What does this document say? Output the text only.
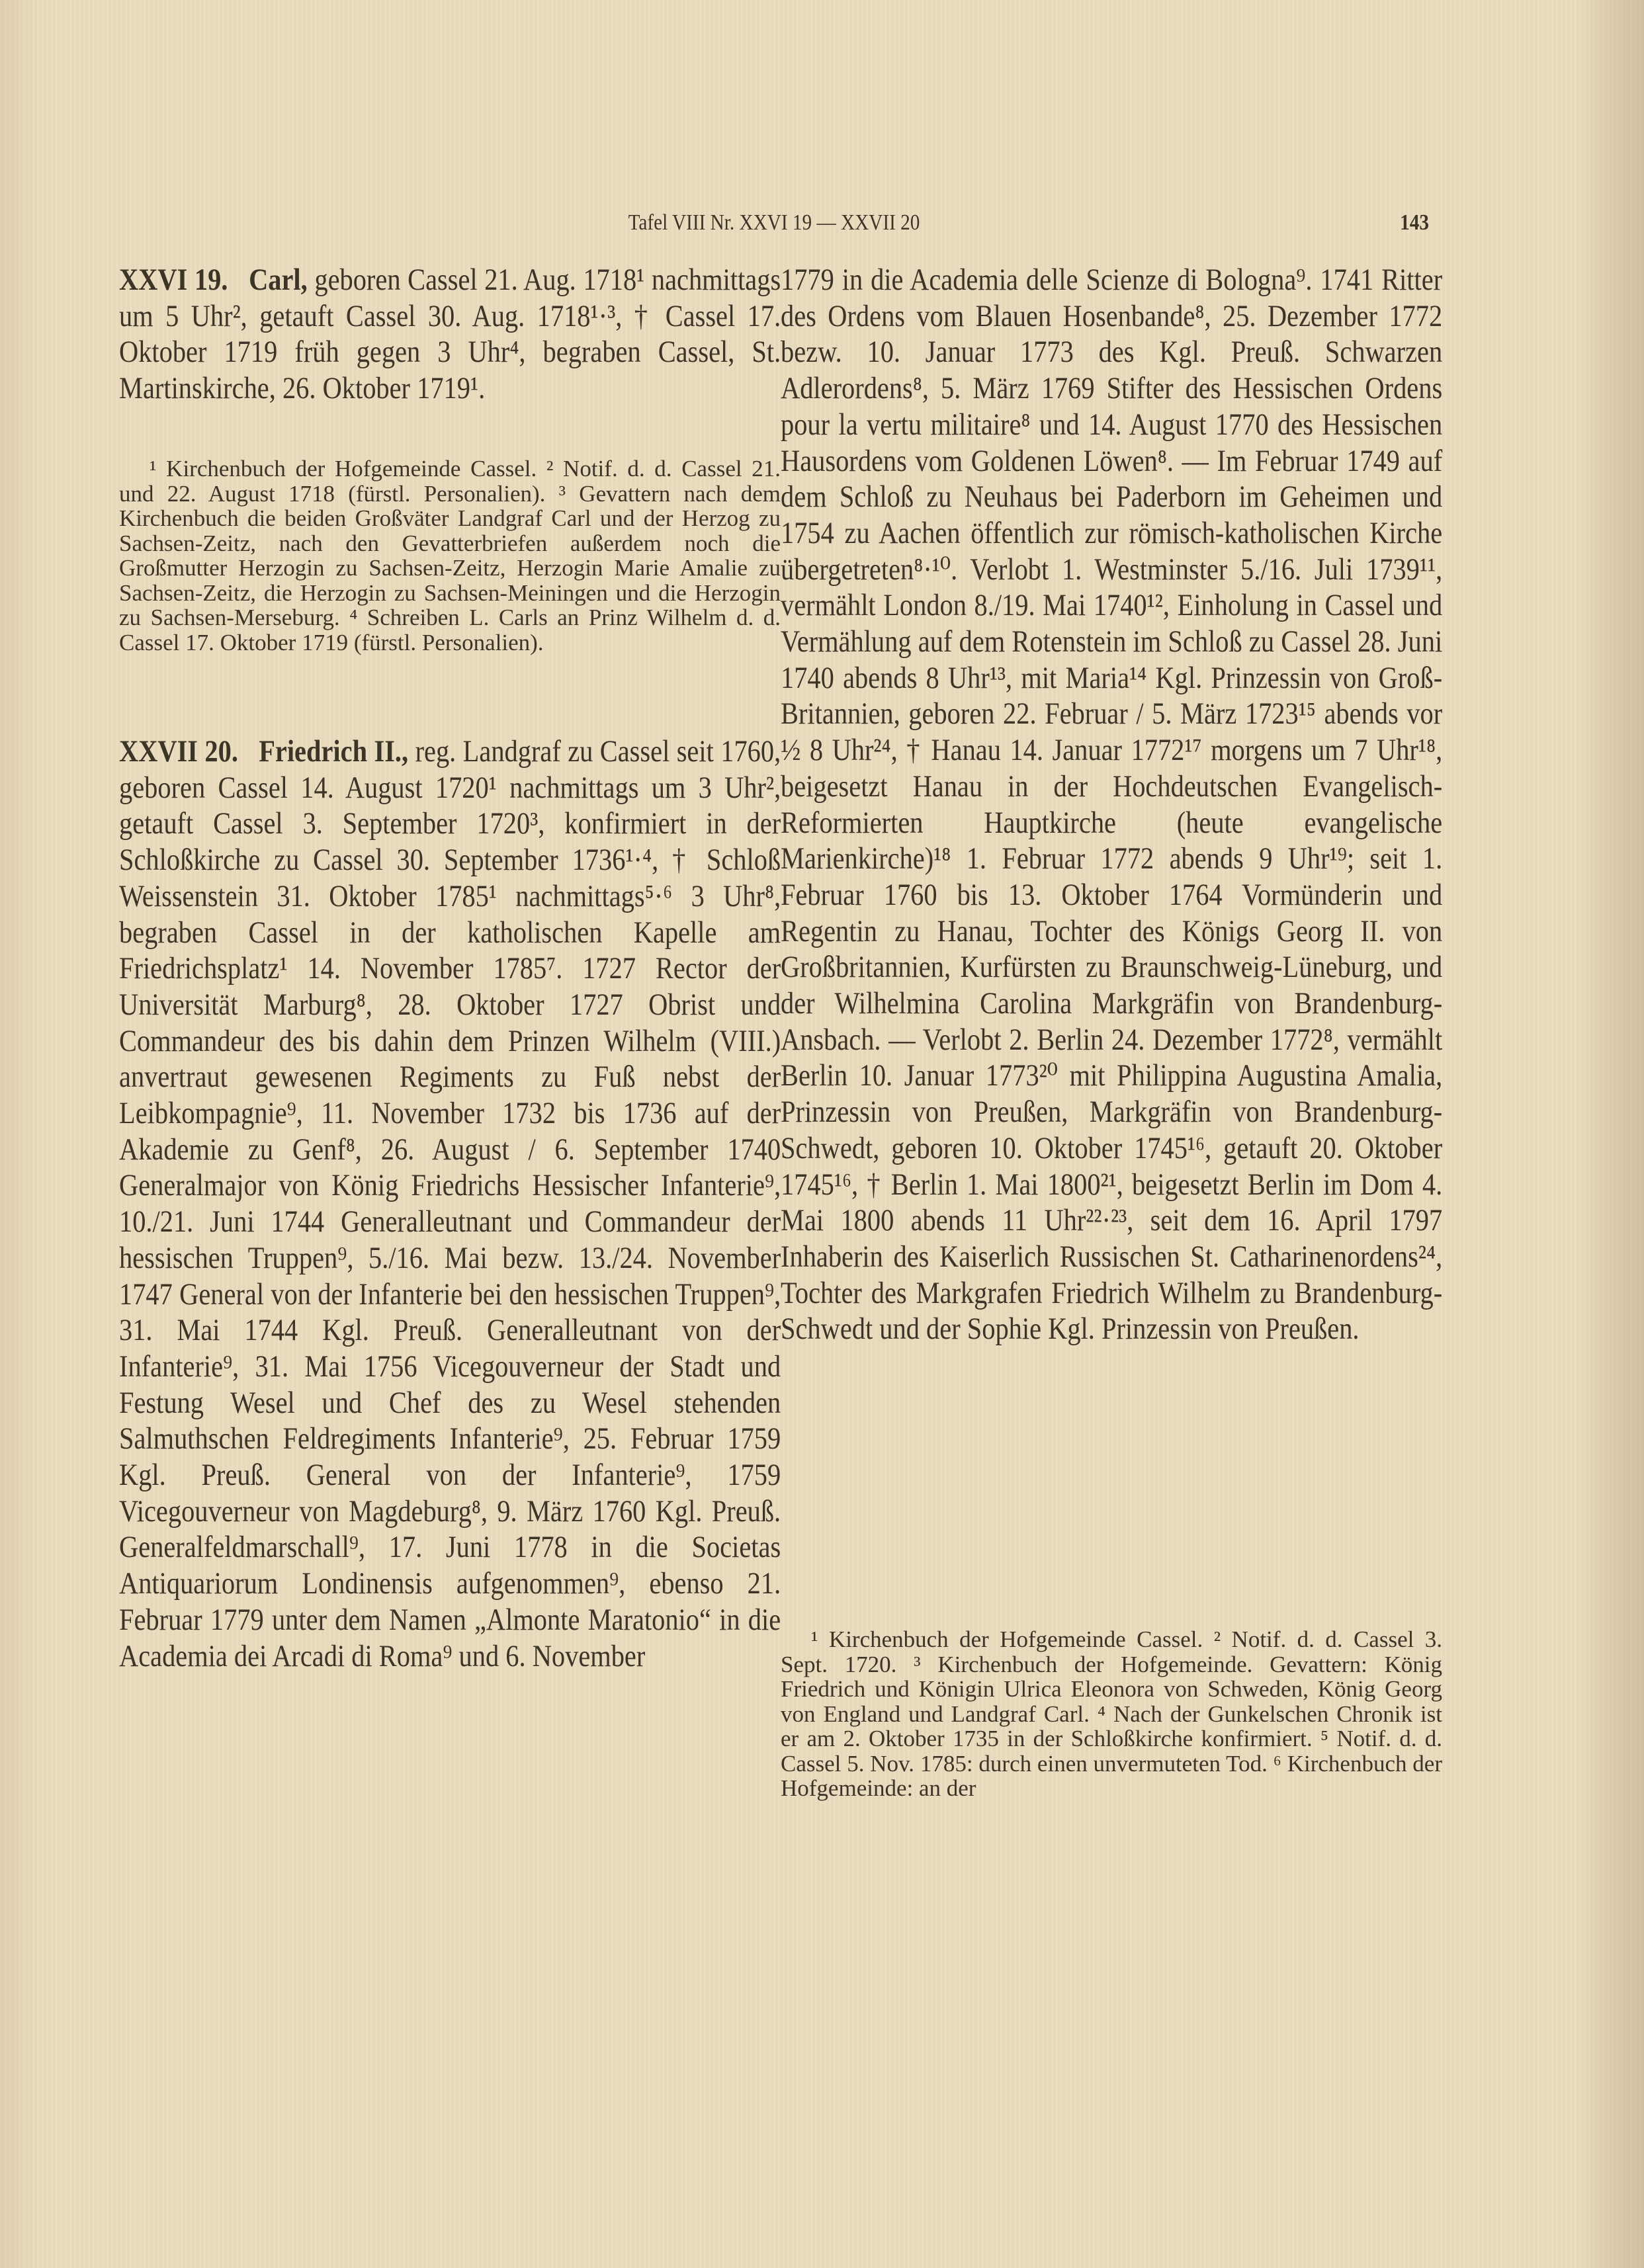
Tafel VIII Nr. XXVI 19 — XXVII 20	143

XXVI 19. Carl, geboren Cassel 21. Aug. 1718¹ nachmittags um 5 Uhr², getauft Cassel 30. Aug. 1718¹·³, † Cassel 17. Oktober 1719 früh gegen 3 Uhr⁴, begraben Cassel, St. Martinskirche, 26. Oktober 1719¹.

¹ Kirchenbuch der Hofgemeinde Cassel. ² Notif. d. d. Cassel 21. und 22. August 1718 (fürstl. Personalien). ³ Gevattern nach dem Kirchenbuch die beiden Großväter Landgraf Carl und der Herzog zu Sachsen-Zeitz, nach den Gevatterbriefen außerdem noch die Großmutter Herzogin zu Sachsen-Zeitz, Herzogin Marie Amalie zu Sachsen-Zeitz, die Herzogin zu Sachsen-Meiningen und die Herzogin zu Sachsen-Merseburg. ⁴ Schreiben L. Carls an Prinz Wilhelm d. d. Cassel 17. Oktober 1719 (fürstl. Personalien).

XXVII 20. Friedrich II., reg. Landgraf zu Cassel seit 1760, geboren Cassel 14. August 1720¹ nachmittags um 3 Uhr², getauft Cassel 3. September 1720³, konfirmiert in der Schloßkirche zu Cassel 30. September 1736¹·⁴, † Schloß Weissenstein 31. Oktober 1785¹ nachmittags⁵·⁶ 3 Uhr⁸, begraben Cassel in der katholischen Kapelle am Friedrichsplatz¹ 14. November 1785⁷. 1727 Rector der Universität Marburg⁸, 28. Oktober 1727 Obrist und Commandeur des bis dahin dem Prinzen Wilhelm (VIII.) anvertraut gewesenen Regiments zu Fuß nebst der Leibkompagnie⁹, 11. November 1732 bis 1736 auf der Akademie zu Genf⁸, 26. August / 6. September 1740 Generalmajor von König Friedrichs Hessischer Infanterie⁹, 10./21. Juni 1744 Generalleutnant und Commandeur der hessischen Truppen⁹, 5./16. Mai bezw. 13./24. November 1747 General von der Infanterie bei den hessischen Truppen⁹, 31. Mai 1744 Kgl. Preuß. Generalleutnant von der Infanterie⁹, 31. Mai 1756 Vicegouverneur der Stadt und Festung Wesel und Chef des zu Wesel stehenden Salmuthschen Feldregiments Infanterie⁹, 25. Februar 1759 Kgl. Preuß. General von der Infanterie⁹, 1759 Vicegouverneur von Magdeburg⁸, 9. März 1760 Kgl. Preuß. Generalfeldmarschall⁹, 17. Juni 1778 in die Societas Antiquariorum Londinensis aufgenommen⁹, ebenso 21. Februar 1779 unter dem Namen „Almonte Maratonio“ in die Academia dei Arcadi di Roma⁹ und 6. November

1779 in die Academia delle Scienze di Bologna⁹. 1741 Ritter des Ordens vom Blauen Hosenbande⁸, 25. Dezember 1772 bezw. 10. Januar 1773 des Kgl. Preuß. Schwarzen Adlerordens⁸, 5. März 1769 Stifter des Hessischen Ordens pour la vertu militaire⁸ und 14. August 1770 des Hessischen Hausordens vom Goldenen Löwen⁸. — Im Februar 1749 auf dem Schloß zu Neuhaus bei Paderborn im Geheimen und 1754 zu Aachen öffentlich zur römisch-katholischen Kirche übergetreten⁸·¹⁰. Verlobt 1. Westminster 5./16. Juli 1739¹¹, vermählt London 8./19. Mai 1740¹², Einholung in Cassel und Vermählung auf dem Rotenstein im Schloß zu Cassel 28. Juni 1740 abends 8 Uhr¹³, mit Maria¹⁴ Kgl. Prinzessin von Groß-Britannien, geboren 22. Februar / 5. März 1723¹⁵ abends vor ½ 8 Uhr²⁴, † Hanau 14. Januar 1772¹⁷ morgens um 7 Uhr¹⁸, beigesetzt Hanau in der Hochdeutschen Evangelisch-Reformierten Hauptkirche (heute evangelische Marienkirche)¹⁸ 1. Februar 1772 abends 9 Uhr¹⁹; seit 1. Februar 1760 bis 13. Oktober 1764 Vormünderin und Regentin zu Hanau, Tochter des Königs Georg II. von Großbritannien, Kurfürsten zu Braunschweig-Lüneburg, und der Wilhelmina Carolina Markgräfin von Brandenburg-Ansbach. — Verlobt 2. Berlin 24. Dezember 1772⁸, vermählt Berlin 10. Januar 1773²⁰ mit Philippina Augustina Amalia, Prinzessin von Preußen, Markgräfin von Brandenburg-Schwedt, geboren 10. Oktober 1745¹⁶, getauft 20. Oktober 1745¹⁶, † Berlin 1. Mai 1800²¹, beigesetzt Berlin im Dom 4. Mai 1800 abends 11 Uhr²²·²³, seit dem 16. April 1797 Inhaberin des Kaiserlich Russischen St. Catharinenordens²⁴, Tochter des Markgrafen Friedrich Wilhelm zu Brandenburg-Schwedt und der Sophie Kgl. Prinzessin von Preußen.

¹ Kirchenbuch der Hofgemeinde Cassel. ² Notif. d. d. Cassel 3. Sept. 1720. ³ Kirchenbuch der Hofgemeinde. Gevattern: König Friedrich und Königin Ulrica Eleonora von Schweden, König Georg von England und Landgraf Carl. ⁴ Nach der Gunkelschen Chronik ist er am 2. Oktober 1735 in der Schloßkirche konfirmiert. ⁵ Notif. d. d. Cassel 5. Nov. 1785: durch einen unvermuteten Tod. ⁶ Kirchenbuch der Hofgemeinde: an der
